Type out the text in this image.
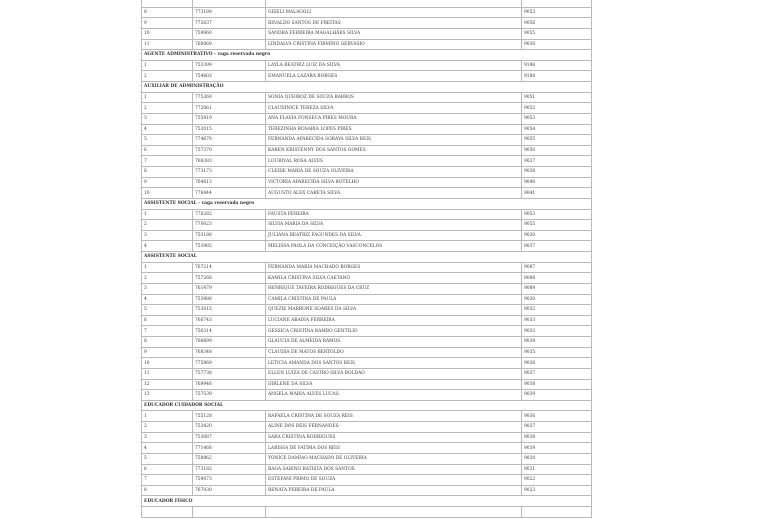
8	773189	GISELI MALAGOLI	9053
9	772637	RINALDO SANTOS DE FREITAS	9056
10	759960	SANDRA FERREIRA MAGALHÃES SILVA	9055
11	760069	LINDALVA CRISTINA FIRMINO GERVASIO	9030
AGENTE ADMINISTRATIVO - vaga reservada negro			
1	753399	LAYLA BEATRIZ LUIZ DA SILVA	9186
2	754603	EMANUELA LAZARA BORGES	9188
AUXILIAR DE ADMINISTRAÇÃO			
1	775369	SONIA QUEIROZ DE SOUZA BARROS	9051
2	772061	CLAUDINICE TEREZA SILVA	9052
3	755919	ANA FLAVIA FONSECA PIRES MOURA	9053
4	752015	TEREZINHA ROSARIA LOPES PIRES	9054
5	774678	FERNANDA APARECIDA SORAYA SILVA REIS	9055
6	757370	KAREN KRISTENNY DOS SANTOS GOMES	9050
7	768383	LOURIVAL ROSA ALVES	9037
8	773173	CLEIDE MARIA DE SOUZA OLIVEIRA	9038
9	764613	VICTORIA APARECIDA SILVA BOTELHO	9040
10	776444	AUGUSTO ALEX CARETA SILVA	9041
ASSISTENTE SOCIAL - vaga reservada negro			
1	776282	FAUSTA PEREIRA	9053
2	770023	SILVIA MARIA DA SILVA	9055
3	753188	JULIANA BEATRIZ FAGUNDES DA SILVA	9030
4	753985	MELISSA PAOLA DA CONCEIÇÃO VASCONCELOS	9037
ASSISTENTE SOCIAL			
1	767214	FERNANDA MARIA MACHADO BORGES	9087
2	757268	KAMILA CRISTINA SILVA CAETANO	9088
3	761479	HENRIQUE TAVEIRA RODRIGUES DA CRUZ	9089
4	753988	CAMILA CRISTINA DE PAULA	9030
5	753015	QUEZIE MARRONE SOARES DA SILVA	9032
6	766743	LUCIANE ABADIA FERREIRA	9033
7	756314	GESSICA CRISTINA RAMBO GENTILIO	9033
8	766699	GLAUCIA DE ALMEIDA RAMOS	9034
9	768348	CLAUDIA DE MATOS BERTOLDO	9035
10	775969	LETICIA AMANDA DOS SANTOS REIS	9036
11	757738	ELLEN LUIZA DE CASTRO SILVA BOLDAO	9037
12	769946	DIRLENE DA SILVA	9038
13	757539	ANGELA MARIA ALVES LUCAS	9039
EDUCADOR CUIDADOR SOCIAL			
1	755128	RAFAELA CRISTINA DE SOUZA REIS	9036
2	753420	ALINE DOS REIS FERNANDES	9037
3	753087	SARA CRISTINA RODRIGUES	9038
4	771468	LARISSA DE FATIMA DOS REIS	9039
5	758862	YONICE DAMIAO MACHADO DE OLIVEIRA	9020
6	773182	RAGA SABINO BATISTA DOS SANTOS	9021
7	759073	ESTEFANI PRIMO DE SOUZA	9022
8	767030	RENATA PEREIRA DE PAULA	9023
EDUCADOR FÍSICO			
